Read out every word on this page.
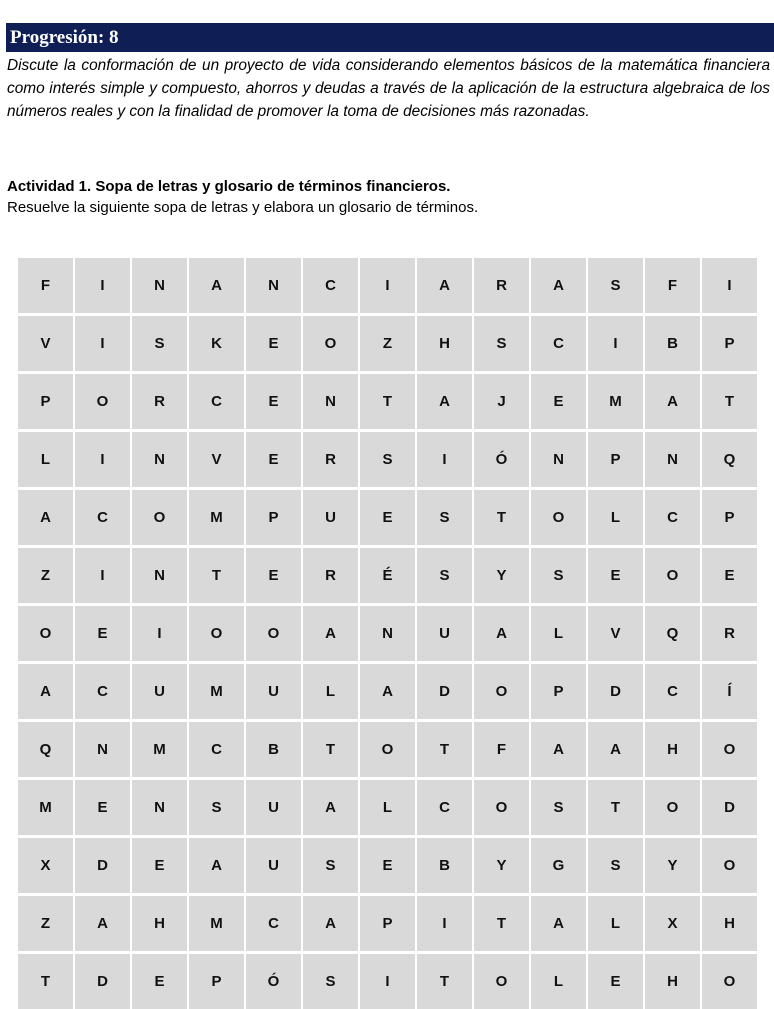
Progresión: 8
Discute la conformación de un proyecto de vida considerando elementos básicos de la matemática financiera como interés simple y compuesto, ahorros y deudas a través de la aplicación de la estructura algebraica de los números reales y con la finalidad de promover la toma de decisiones más razonadas.
Actividad 1. Sopa de letras y glosario de términos financieros.
Resuelve la siguiente sopa de letras y elabora un glosario de términos.
F	I	N	A	N	C	I	A	R	A	S	F	I
V	I	S	K	E	O	Z	H	S	C	I	B	P
P	O	R	C	E	N	T	A	J	E	M	A	T
L	I	N	V	E	R	S	I	Ó	N	P	N	Q
A	C	O	M	P	U	E	S	T	O	L	C	P
Z	I	N	T	E	R	É	S	Y	S	E	O	E
O	E	I	O	O	A	N	U	A	L	V	Q	R
A	C	U	M	U	L	A	D	O	P	D	C	Í
Q	N	M	C	B	T	O	T	F	A	A	H	O
M	E	N	S	U	A	L	C	O	S	T	O	D
X	D	E	A	U	S	E	B	Y	G	S	Y	O
Z	A	H	M	C	A	P	I	T	A	L	X	H
T	D	E	P	Ó	S	I	T	O	L	E	H	O
